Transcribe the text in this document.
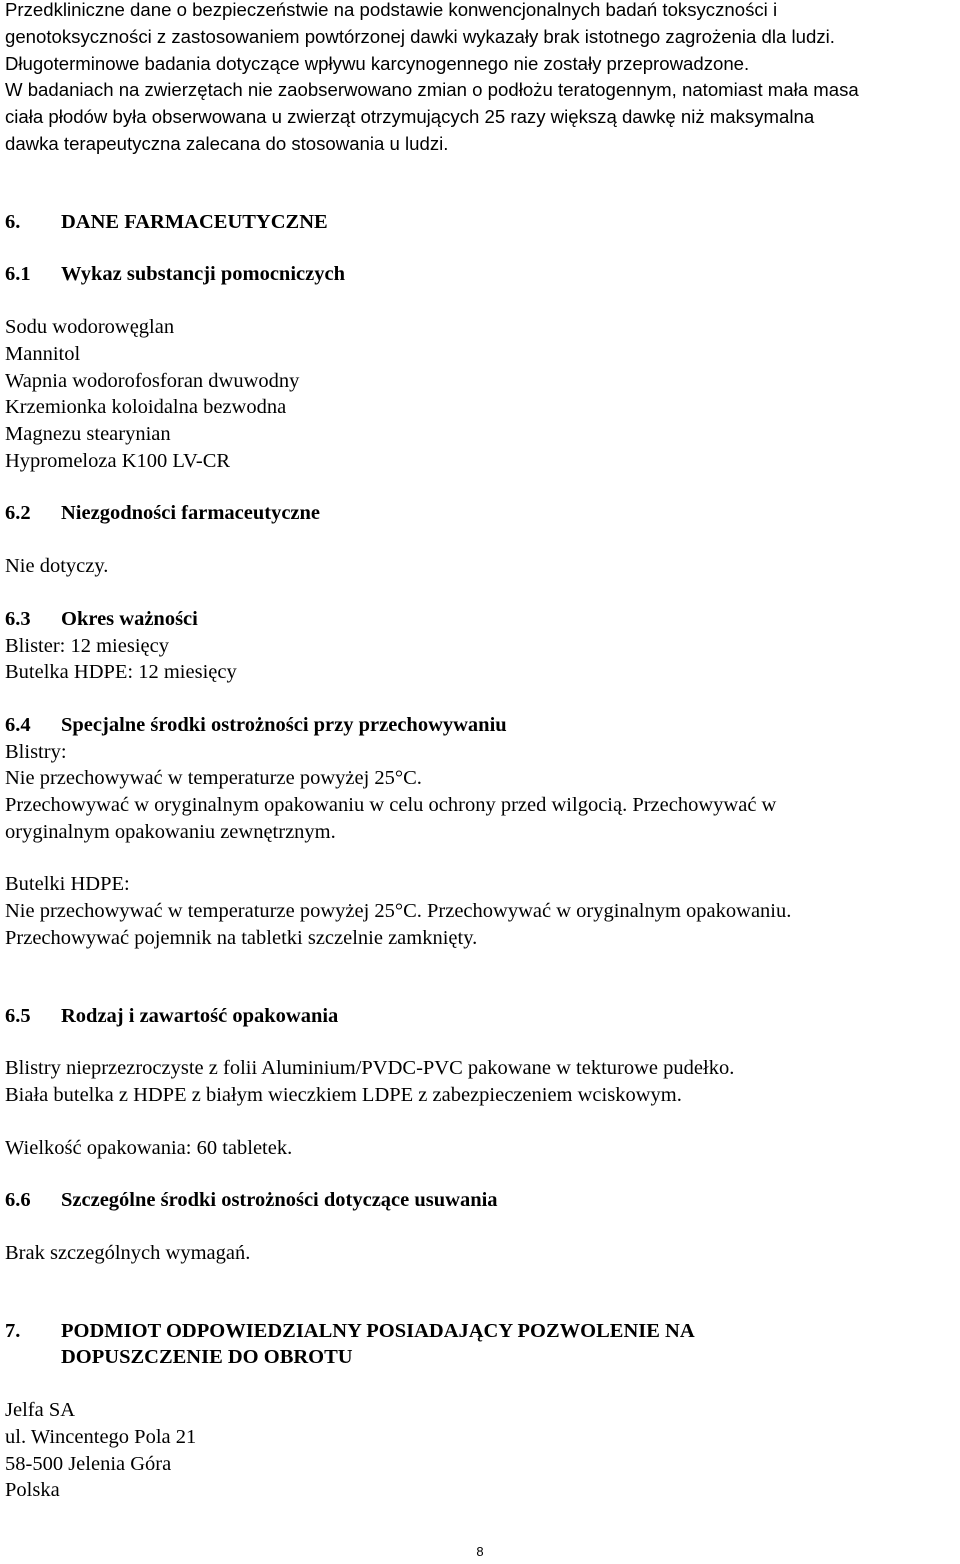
Przedkliniczne dane o bezpieczeństwie na podstawie konwencjonalnych badań toksyczności i
genotoksyczności z zastosowaniem powtórzonej dawki wykazały brak istotnego zagrożenia dla ludzi.
Długoterminowe badania dotyczące wpływu karcynogennego nie zostały przeprowadzone.
W badaniach na zwierzętach nie zaobserwowano zmian o podłożu teratogennym, natomiast mała masa
ciała płodów była obserwowana u zwierząt otrzymujących 25 razy większą dawkę niż maksymalna
dawka terapeutyczna zalecana do stosowania u ludzi.

6.	DANE FARMACEUTYCZNE
6.1	Wykaz substancji pomocniczych
Sodu wodorowęglan
Mannitol
Wapnia wodorofosforan dwuwodny
Krzemionka koloidalna bezwodna
Magnezu stearynian
Hypromeloza K100 LV-CR
6.2	Niezgodności farmaceutyczne

Nie dotyczy.

6.3	Okres ważności
Blister: 12 miesięcy
Butelka HDPE: 12 miesięcy
6.4	Specjalne środki ostrożności przy przechowywaniu
Blistry:
Nie przechowywać w temperaturze powyżej 25°C.
Przechowywać w oryginalnym opakowaniu w celu ochrony przed wilgocią. Przechowywać w
oryginalnym opakowaniu zewnętrznym.
Butelki HDPE:
Nie przechowywać w temperaturze powyżej 25°C. Przechowywać w oryginalnym opakowaniu.
Przechowywać pojemnik na tabletki szczelnie zamknięty.
6.5	Rodzaj i zawartość opakowania
Blistry nieprzezroczyste z folii Aluminium/PVDC-PVC pakowane w tekturowe pudełko.
Biała butelka z HDPE z białym wieczkiem LDPE z zabezpieczeniem wciskowym.

Wielkość opakowania: 60 tabletek.

6.6	Szczególne środki ostrożności dotyczące usuwania

Brak szczególnych wymagań.

7.	PODMIOT ODPOWIEDZIALNY POSIADAJĄCY POZWOLENIE NA
DOPUSZCZENIE DO OBROTU
Jelfa SA
ul. Wincentego Pola 21
58-500 Jelenia Góra
Polska
8
